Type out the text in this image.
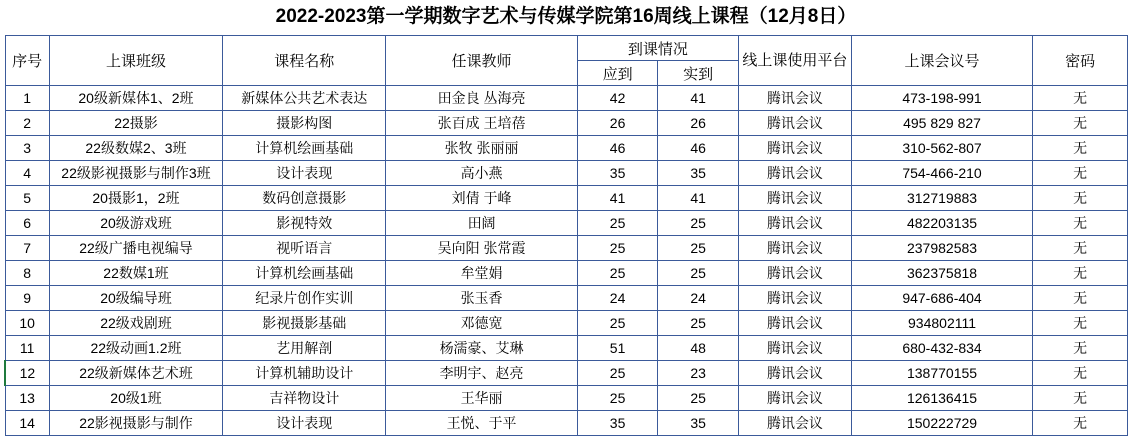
2022-2023第一学期数字艺术与传媒学院第16周线上课程（12月8日）
序号	上课班级	课程名称	任课教师	到课情况		线上课使用平台	上课会议号	密码
				应到	实到			
1	20级新媒体1、2班	新媒体公共艺术表达	田金良 丛海亮	42	41	腾讯会议	473-198-991	无
2	22摄影	摄影构图	张百成 王培蓓	26	26	腾讯会议	495 829 827	无
3	22级数媒2、3班	计算机绘画基础	张牧 张丽丽	46	46	腾讯会议	310-562-807	无
4	22级影视摄影与制作3班	设计表现	高小燕	35	35	腾讯会议	754-466-210	无
5	20摄影1，2班	数码创意摄影	刘倩 于峰	41	41	腾讯会议	312719883	无
6	20级游戏班	影视特效	田阔	25	25	腾讯会议	482203135	无
7	22级广播电视编导	视听语言	吴向阳 张常霞	25	25	腾讯会议	237982583	无
8	22数媒1班	计算机绘画基础	牟堂娟	25	25	腾讯会议	362375818	无
9	20级编导班	纪录片创作实训	张玉香	24	24	腾讯会议	947-686-404	无
10	22级戏剧班	影视摄影基础	邓德宽	25	25	腾讯会议	934802111	无
11	22级动画1.2班	艺用解剖	杨濡豪、艾琳	51	48	腾讯会议	680-432-834	无
12	22级新媒体艺术班	计算机辅助设计	李明宇、赵亮	25	23	腾讯会议	138770155	无
13	20级1班	吉祥物设计	王华丽	25	25	腾讯会议	126136415	无
14	22影视摄影与制作	设计表现	王悦、于平	35	35	腾讯会议	150222729	无
